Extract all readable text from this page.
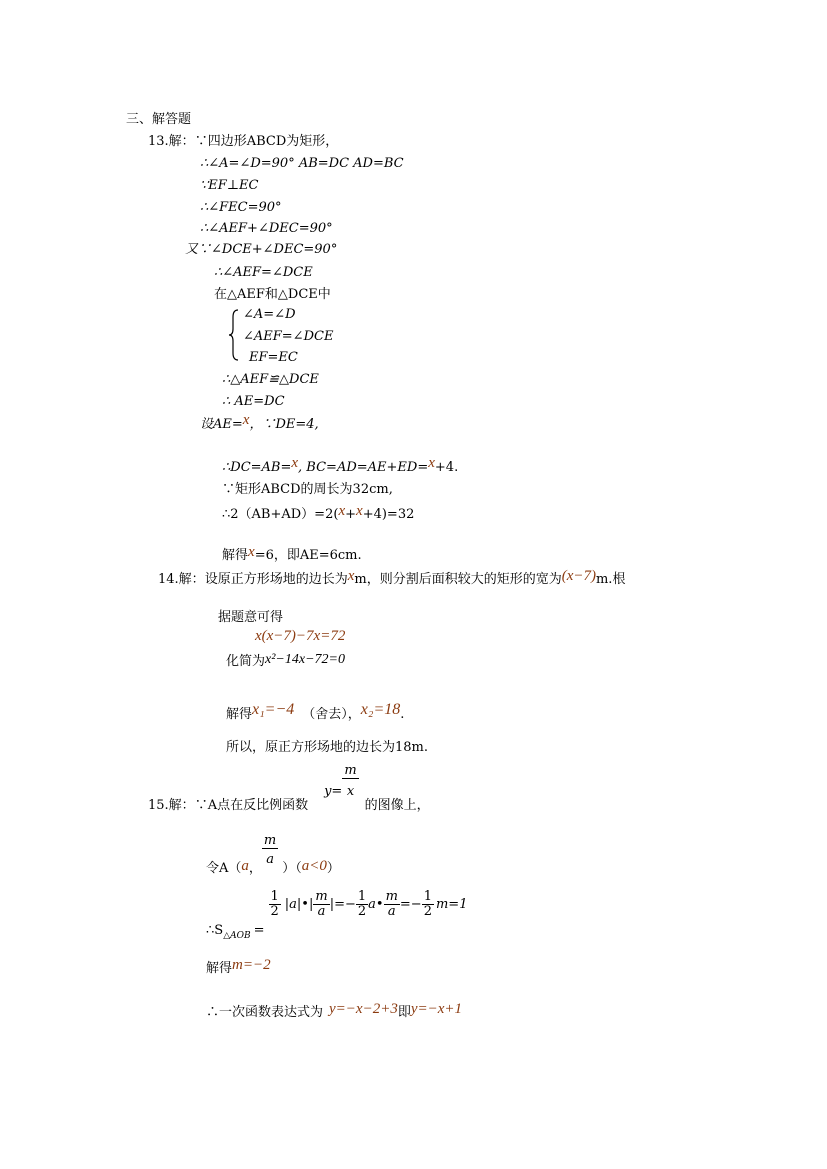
三、解答题
13.解：∵四边形ABCD为矩形，
∴∠A=∠D=90° AB=DC AD=BC
∵EF⊥EC
∴∠FEC=90°
∴∠AEF+∠DEC=90°
又∵∠DCE+∠DEC=90°
∴∠AEF=∠DCE
在△AEF和△DCE中
∠A=∠D
∠AEF=∠DCE
EF=EC
∴△AEF≌△DCE
∴ AE=DC
设AE=x，∵DE=4,
∴DC=AB=x, BC=AD=AE+ED=x+4.
∵矩形ABCD的周长为32cm,
∴2（AB+AD）=2(x+x+4)=32
解得x=6，即AE=6cm.
14.解：设原正方形场地的边长为xm，则分割后面积较大的矩形的宽为(x−7)m.根
据题意可得
x(x−7)−7x=72
化简为x²−14x−72=0
解得x₁=−4 （舍去），x₂=18.
所以，原正方形场地的边长为18m.
15.解：∵A点在反比例函数$y= \frac{m}{x}$
的图像上，
令A（a，
$\frac{m}{a}$
）（a<0）
$\therefore S_{\triangle AOB}$ =
$\frac{1}{2}$ |a|•| $\frac{m}{a}$ |=− $\frac{1}{2}$ a• $\frac{m}{a} =- \frac{1}{2} m=1$
解得m=−2
∴一次函数表达式为 y=−x−2+3即y=−x+1
